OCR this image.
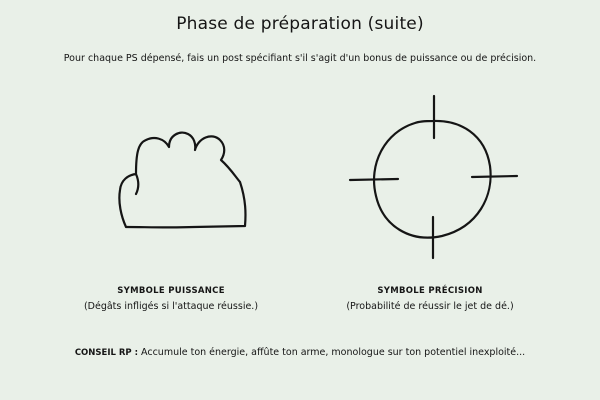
Phase de préparation (suite)
Pour chaque PS dépensé, fais un post spécifiant s'il s'agit d'un bonus de puissance ou de précision.
SYMBOLE PUISSANCE
(Dégâts infligés si l'attaque réussie.)
SYMBOLE PRÉCISION
(Probabilité de réussir le jet de dé.)
CONSEIL RP : Accumule ton énergie, affûte ton arme, monologue sur ton potentiel inexploité...
